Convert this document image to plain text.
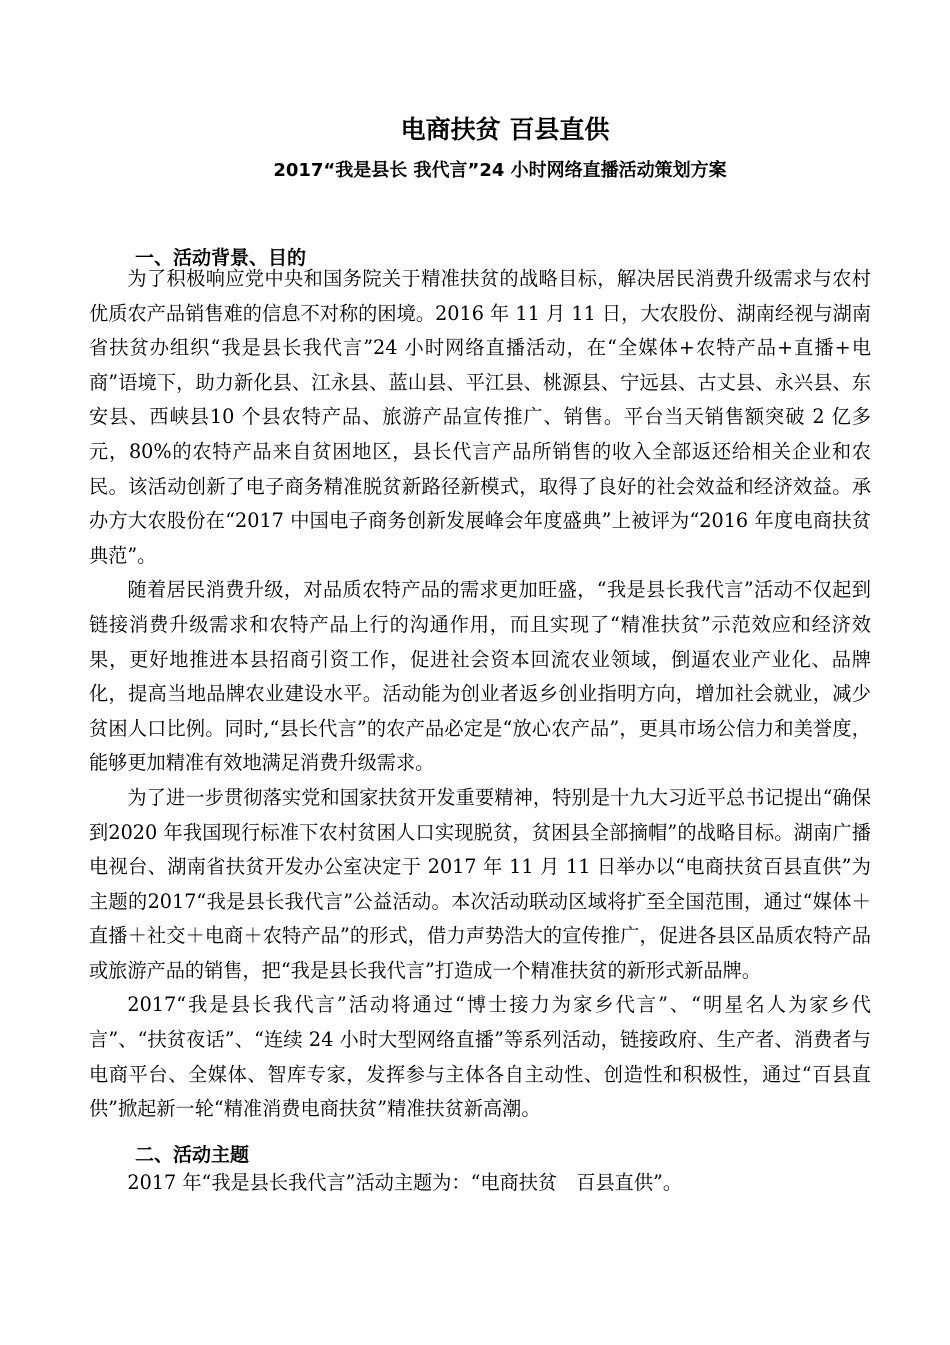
电商扶贫 百县直供
2017“我是县长 我代言”24 小时网络直播活动策划方案
一、活动背景、目的

为了积极响应党中央和国务院关于精准扶贫的战略目标，解决居民消费升级需求与农村优质农产品销售难的信息不对称的困境。2016 年 11 月 11 日，大农股份、湖南经视与湖南省扶贫办组织“我是县长我代言”24 小时网络直播活动，在“全媒体+农特产品+直播+电商”语境下，助力新化县、江永县、蓝山县、平江县、桃源县、宁远县、古丈县、永兴县、东安县、西峡县10 个县农特产品、旅游产品宣传推广、销售。平台当天销售额突破 2 亿多元，80%的农特产品来自贫困地区，县长代言产品所销售的收入全部返还给相关企业和农民。该活动创新了电子商务精准脱贫新路径新模式，取得了良好的社会效益和经济效益。承办方大农股份在“2017 中国电子商务创新发展峰会年度盛典”上被评为“2016 年度电商扶贫典范”。

随着居民消费升级，对品质农特产品的需求更加旺盛，“我是县长我代言”活动不仅起到链接消费升级需求和农特产品上行的沟通作用，而且实现了“精准扶贫”示范效应和经济效果，更好地推进本县招商引资工作，促进社会资本回流农业领域，倒逼农业产业化、品牌化，提高当地品牌农业建设水平。活动能为创业者返乡创业指明方向，增加社会就业，减少贫困人口比例。同时,“县长代言”的农产品必定是“放心农产品”，更具市场公信力和美誉度，能够更加精准有效地满足消费升级需求。

为了进一步贯彻落实党和国家扶贫开发重要精神，特别是十九大习近平总书记提出“确保到2020 年我国现行标准下农村贫困人口实现脱贫，贫困县全部摘帽”的战略目标。湖南广播电视台、湖南省扶贫开发办公室决定于 2017 年 11 月 11 日举办以“电商扶贫百县直供”为主题的2017“我是县长我代言”公益活动。本次活动联动区域将扩至全国范围，通过“媒体＋直播＋社交＋电商＋农特产品”的形式，借力声势浩大的宣传推广，促进各县区品质农特产品或旅游产品的销售，把“我是县长我代言”打造成一个精准扶贫的新形式新品牌。

2017“我是县长我代言”活动将通过“博士接力为家乡代言”、“明星名人为家乡代言”、“扶贫夜话”、“连续 24 小时大型网络直播”等系列活动，链接政府、生产者、消费者与电商平台、全媒体、智库专家，发挥参与主体各自主动性、创造性和积极性，通过“百县直供”掀起新一轮“精准消费电商扶贫”精准扶贫新高潮。

二、活动主题

2017 年“我是县长我代言”活动主题为：“电商扶贫　百县直供”。
